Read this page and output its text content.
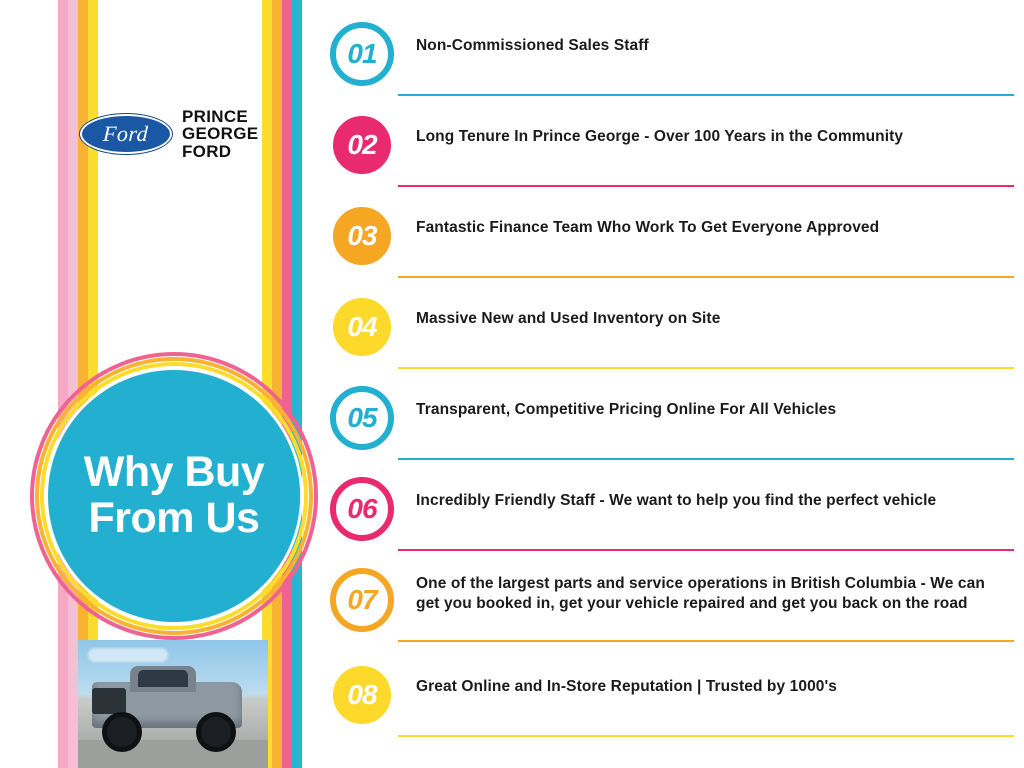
Ford
PRINCE
GEORGE
FORD
Why Buy
From Us
01	Non-Commissioned Sales Staff
02	Long Tenure In Prince George - Over 100 Years in the Community
03	Fantastic Finance Team Who Work To Get Everyone Approved
04	Massive New and Used Inventory on Site
05	Transparent, Competitive Pricing Online For All Vehicles
06	Incredibly Friendly Staff - We want to help you find the perfect vehicle
07
One of the largest parts and service operations in British Columbia - We can get you booked in, get your vehicle repaired and get you back on the road
08	Great Online and In-Store Reputation | Trusted by 1000's
